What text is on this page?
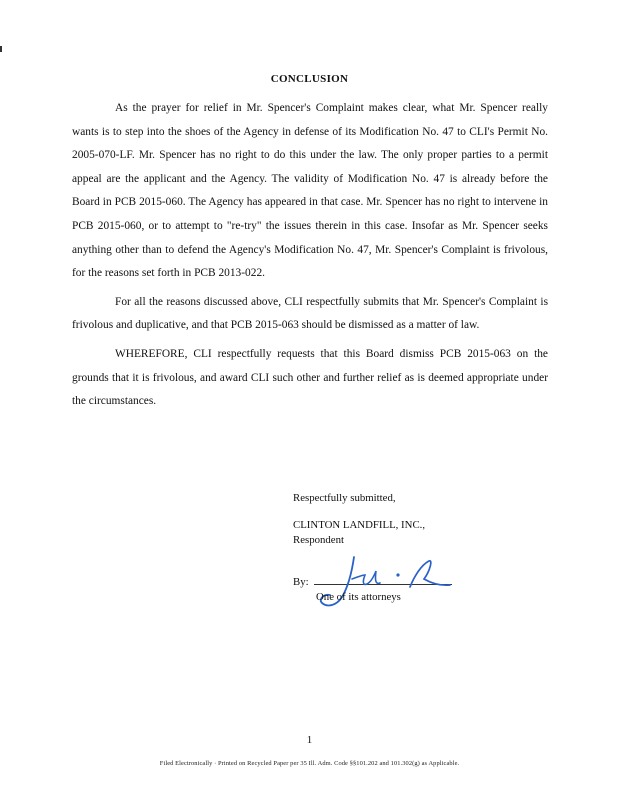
CONCLUSION

As the prayer for relief in Mr. Spencer's Complaint makes clear, what Mr. Spencer really wants is to step into the shoes of the Agency in defense of its Modification No. 47 to CLI's Permit No. 2005-070-LF. Mr. Spencer has no right to do this under the law. The only proper parties to a permit appeal are the applicant and the Agency. The validity of Modification No. 47 is already before the Board in PCB 2015-060. The Agency has appeared in that case. Mr. Spencer has no right to intervene in PCB 2015-060, or to attempt to "re-try" the issues therein in this case. Insofar as Mr. Spencer seeks anything other than to defend the Agency's Modification No. 47, Mr. Spencer's Complaint is frivolous, for the reasons set forth in PCB 2013-022.

For all the reasons discussed above, CLI respectfully submits that Mr. Spencer's Complaint is frivolous and duplicative, and that PCB 2015-063 should be dismissed as a matter of law.

WHEREFORE, CLI respectfully requests that this Board dismiss PCB 2015-063 on the grounds that it is frivolous, and award CLI such other and further relief as is deemed appropriate under the circumstances.

Respectfully submitted,
CLINTON LANDFILL, INC.,
Respondent
By:
One of its attorneys
1
Filed Electronically · Printed on Recycled Paper per 35 Ill. Adm. Code §§101.202 and 101.302(g) as Applicable.
